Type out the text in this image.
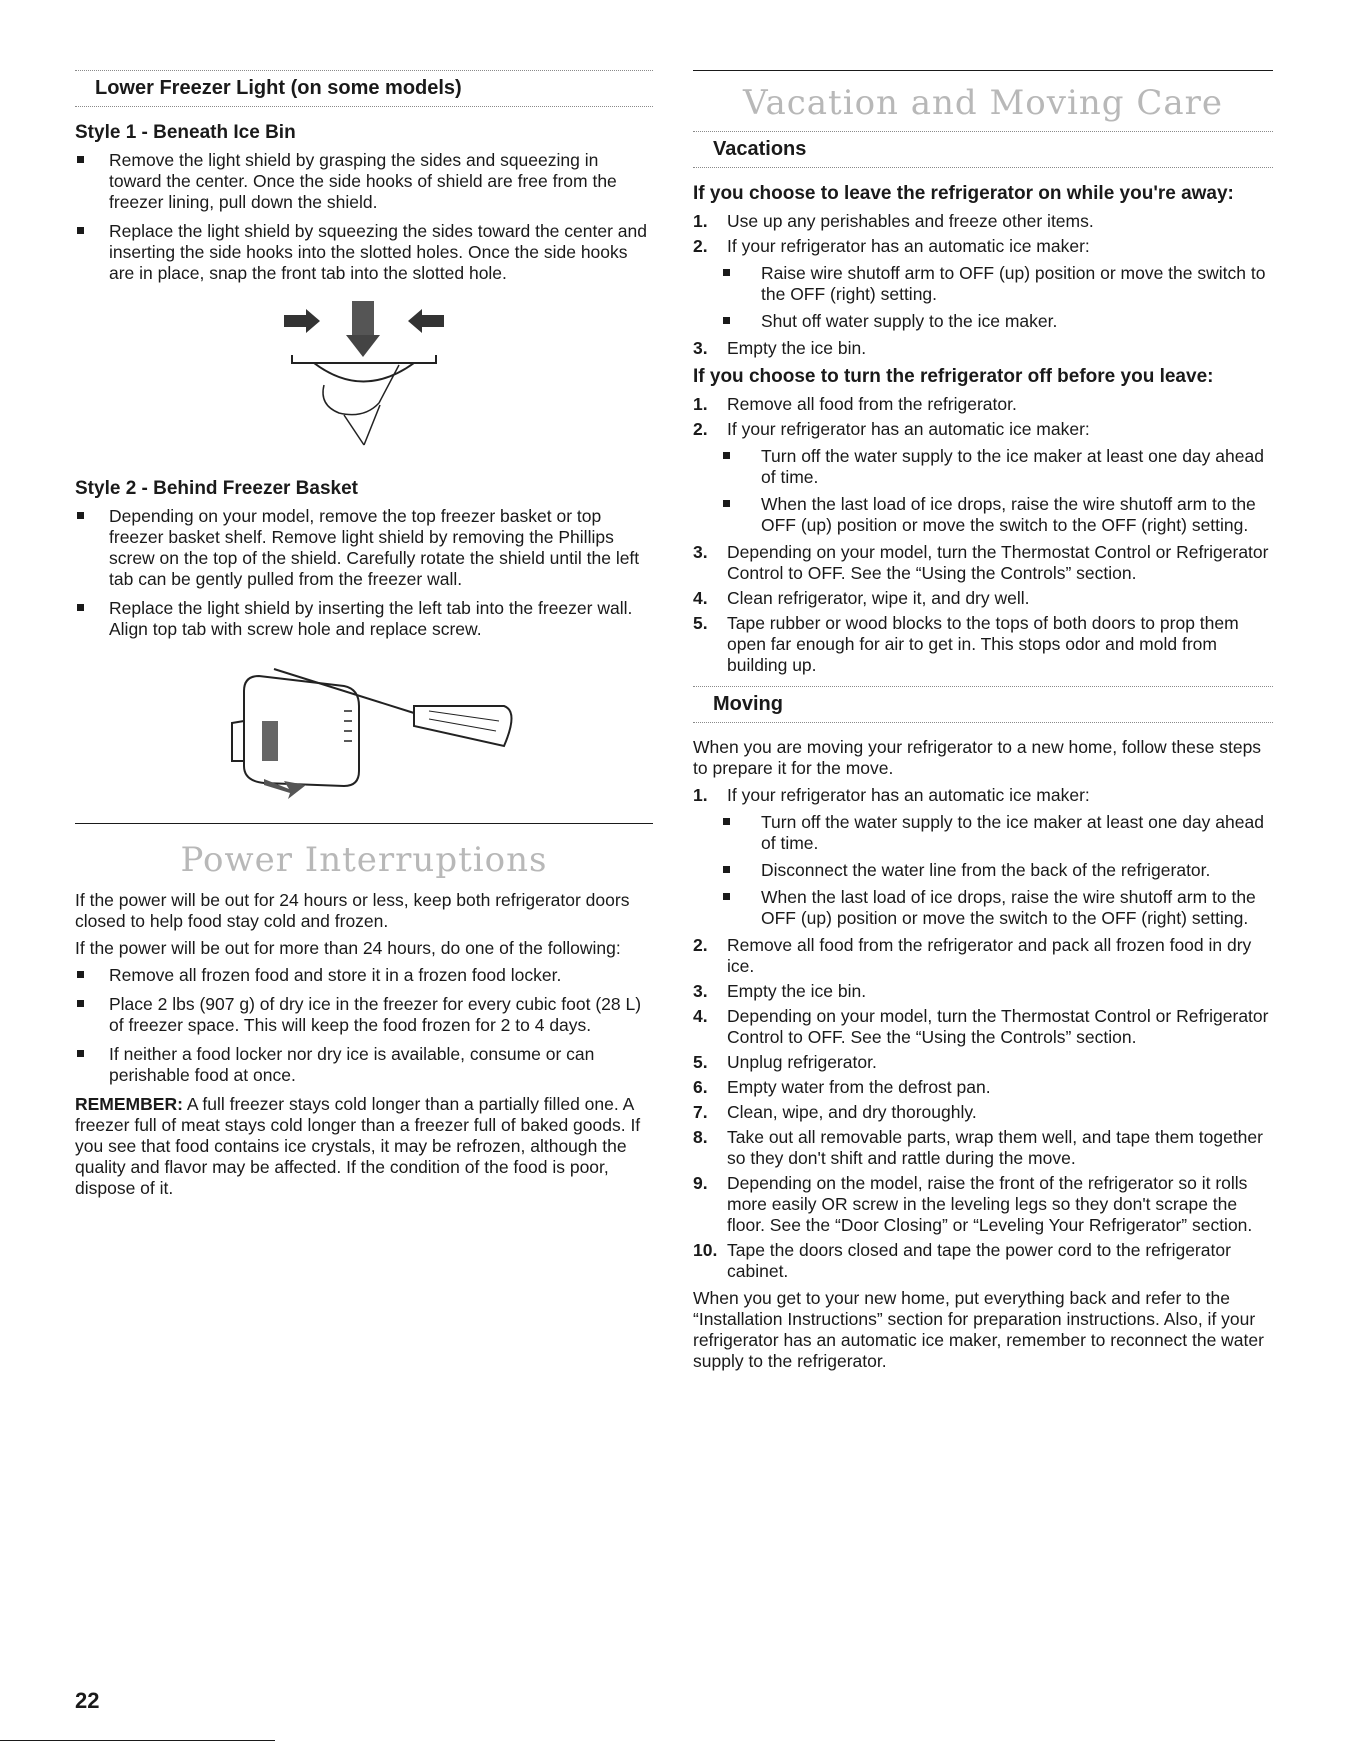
Lower Freezer Light (on some models)
Style 1 - Beneath Ice Bin
Remove the light shield by grasping the sides and squeezing in toward the center. Once the side hooks of shield are free from the freezer lining, pull down the shield.
Replace the light shield by squeezing the sides toward the center and inserting the side hooks into the slotted holes. Once the side hooks are in place, snap the front tab into the slotted hole.
Style 2 - Behind Freezer Basket
Depending on your model, remove the top freezer basket or top freezer basket shelf. Remove light shield by removing the Phillips screw on the top of the shield. Carefully rotate the shield until the left tab can be gently pulled from the freezer wall.
Replace the light shield by inserting the left tab into the freezer wall. Align top tab with screw hole and replace screw.
Power Interruptions

If the power will be out for 24 hours or less, keep both refrigerator doors closed to help food stay cold and frozen.

If the power will be out for more than 24 hours, do one of the following:

Remove all frozen food and store it in a frozen food locker.
Place 2 lbs (907 g) of dry ice in the freezer for every cubic foot (28 L) of freezer space. This will keep the food frozen for 2 to 4 days.
If neither a food locker nor dry ice is available, consume or can perishable food at once.

REMEMBER: A full freezer stays cold longer than a partially filled one. A freezer full of meat stays cold longer than a freezer full of baked goods. If you see that food contains ice crystals, it may be refrozen, although the quality and flavor may be affected. If the condition of the food is poor, dispose of it.

Vacation and Moving Care
Vacations
If you choose to leave the refrigerator on while you're away:
1. Use up any perishables and freeze other items.
2. If your refrigerator has an automatic ice maker:
Raise wire shutoff arm to OFF (up) position or move the switch to the OFF (right) setting.
Shut off water supply to the ice maker.
3. Empty the ice bin.
If you choose to turn the refrigerator off before you leave:
1. Remove all food from the refrigerator.
2. If your refrigerator has an automatic ice maker:
Turn off the water supply to the ice maker at least one day ahead of time.
When the last load of ice drops, raise the wire shutoff arm to the OFF (up) position or move the switch to the OFF (right) setting.
3. Depending on your model, turn the Thermostat Control or Refrigerator Control to OFF. See the “Using the Controls” section.
4. Clean refrigerator, wipe it, and dry well.
5. Tape rubber or wood blocks to the tops of both doors to prop them open far enough for air to get in. This stops odor and mold from building up.
Moving

When you are moving your refrigerator to a new home, follow these steps to prepare it for the move.

1. If your refrigerator has an automatic ice maker:
Turn off the water supply to the ice maker at least one day ahead of time.
Disconnect the water line from the back of the refrigerator.
When the last load of ice drops, raise the wire shutoff arm to the OFF (up) position or move the switch to the OFF (right) setting.
2. Remove all food from the refrigerator and pack all frozen food in dry ice.
3. Empty the ice bin.
4. Depending on your model, turn the Thermostat Control or Refrigerator Control to OFF. See the “Using the Controls” section.
5. Unplug refrigerator.
6. Empty water from the defrost pan.
7. Clean, wipe, and dry thoroughly.
8. Take out all removable parts, wrap them well, and tape them together so they don't shift and rattle during the move.
9. Depending on the model, raise the front of the refrigerator so it rolls more easily OR screw in the leveling legs so they don't scrape the floor. See the “Door Closing” or “Leveling Your Refrigerator” section.
10. Tape the doors closed and tape the power cord to the refrigerator cabinet.

When you get to your new home, put everything back and refer to the “Installation Instructions” section for preparation instructions. Also, if your refrigerator has an automatic ice maker, remember to reconnect the water supply to the refrigerator.

22
